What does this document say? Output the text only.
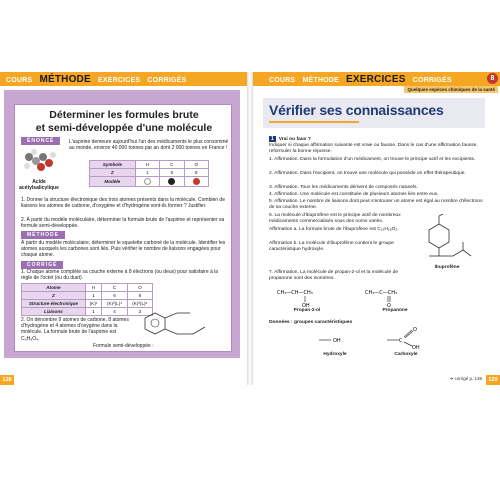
COURS MÉTHODE EXERCICES CORRIGÉS
Déterminer les formules brute
et semi-développée d'une molécule
ÉNONCÉ
Acide acétylsalicylique
L'aspirine demeure aujourd'hui l'un des médicaments le plus consommé au monde, environ 40 000 tonnes par an dont 2 000 tonnes en France !
Symbole	H	C	O
Z	1	6	8
Modèle			
1. Donner la structure électronique des trois atomes présents dans la molécule. Combien de liaisons les atomes de carbone, d'oxygène et d'hydrogène vont-ils former ? Justifier.
2. À partir du modèle moléculaire, déterminer la formule brute de l'aspirine et représenter sa formule semi-développée.
MÉTHODE
À partir du modèle moléculaire, déterminer le squelette carboné de la molécule. Identifier les atomes auxquels les carbones sont liés. Puis vérifier le nombre de liaisons engagées pour chaque atome.
CORRIGÉ
1. Chaque atome complète sa couche externe à 8 électrons (ou deux) pour satisfaire à la règle de l'octet (ou du duet).
Atome	H	C	O
Z	1	6	8
Structure électronique	(K)¹	(K)²(L)⁴	(K)²(L)⁶
Liaisons	1	4	2
2. On dénombre 9 atomes de carbone, 8 atomes d'hydrogène et 4 atomes d'oxygène dans la molécule. La formule brute de l'aspirine est C₉H₈O₄.
Formule semi-développée :
128
COURS MÉTHODE EXERCICES CORRIGÉS	8
Quelques espèces chimiques de la santé
Vérifier ses connaissances
1 Vrai ou faux ?
Indiquer si chaque affirmation suivante est vraie ou fausse. Dans le cas d'une affirmation fausse, reformuler la bonne réponse.
1. Affirmation. Dans la formulation d'un médicament, on trouve le principe actif et les excipients.
2. Affirmation. Dans l'excipient, on trouve une molécule qui possède un effet thérapeutique.
3. Affirmation. Tous les médicaments dérivent de composés naturels.
4. Affirmation. Une molécule est constituée de plusieurs atomes liés entre eux.
5. Affirmation. Le nombre de liaisons dont peut s'entourer un atome est égal au nombre d'électrons de sa couche externe.
6. La molécule d'ibuprofène est le principe actif de nombreux médicaments commercialisés sous des noms variés.
Affirmation a. La formule brute de l'ibuprofène est C₁₃H₁₈O₂.
Affirmation b. La molécule d'ibuprofène contient le groupe caractéristique hydroxyle.
Ibuprofène
7. Affirmation. La molécule de propan-2-ol et la molécule de propanone sont des isomères.
CH₃—CH—CH₃
OH
Propan-2-ol
CH₃—C—CH₃
O
Propanone
Données : groupes caractéristiques
OH
Hydroxyle
C
O
OH
Carboxyle
➜ corrigé p. 135	129
